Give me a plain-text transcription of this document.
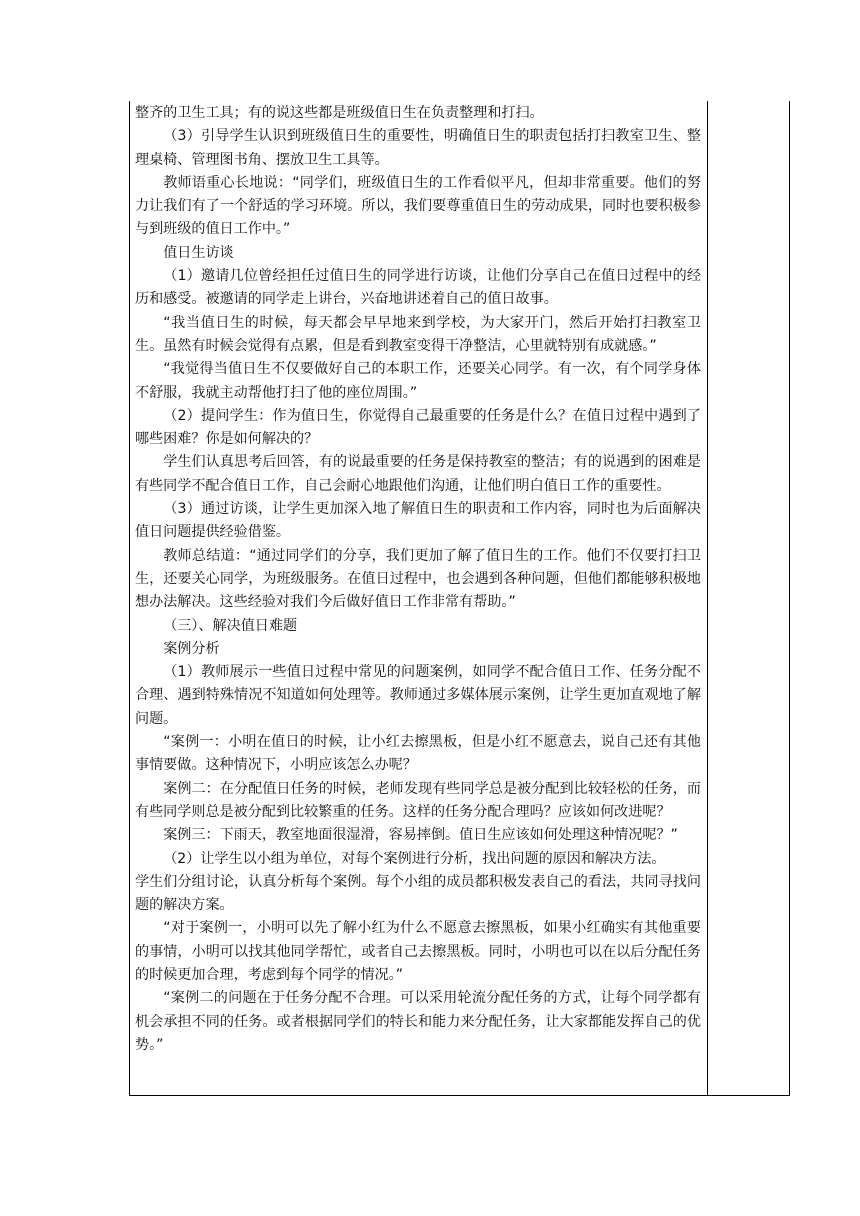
整齐的卫生工具；有的说这些都是班级值日生在负责整理和打扫。

（3）引导学生认识到班级值日生的重要性，明确值日生的职责包括打扫教室卫生、整理桌椅、管理图书角、摆放卫生工具等。

教师语重心长地说：“同学们，班级值日生的工作看似平凡，但却非常重要。他们的努力让我们有了一个舒适的学习环境。所以，我们要尊重值日生的劳动成果，同时也要积极参与到班级的值日工作中。”

值日生访谈

（1）邀请几位曾经担任过值日生的同学进行访谈，让他们分享自己在值日过程中的经历和感受。被邀请的同学走上讲台，兴奋地讲述着自己的值日故事。

“我当值日生的时候，每天都会早早地来到学校，为大家开门，然后开始打扫教室卫生。虽然有时候会觉得有点累，但是看到教室变得干净整洁，心里就特别有成就感。”

“我觉得当值日生不仅要做好自己的本职工作，还要关心同学。有一次，有个同学身体不舒服，我就主动帮他打扫了他的座位周围。”

（2）提问学生：作为值日生，你觉得自己最重要的任务是什么？在值日过程中遇到了哪些困难？你是如何解决的？

学生们认真思考后回答，有的说最重要的任务是保持教室的整洁；有的说遇到的困难是有些同学不配合值日工作，自己会耐心地跟他们沟通，让他们明白值日工作的重要性。

（3）通过访谈，让学生更加深入地了解值日生的职责和工作内容，同时也为后面解决值日问题提供经验借鉴。

教师总结道：“通过同学们的分享，我们更加了解了值日生的工作。他们不仅要打扫卫生，还要关心同学，为班级服务。在值日过程中，也会遇到各种问题，但他们都能够积极地想办法解决。这些经验对我们今后做好值日工作非常有帮助。”

（三）、解决值日难题

案例分析

（1）教师展示一些值日过程中常见的问题案例，如同学不配合值日工作、任务分配不合理、遇到特殊情况不知道如何处理等。教师通过多媒体展示案例，让学生更加直观地了解问题。

“案例一：小明在值日的时候，让小红去擦黑板，但是小红不愿意去，说自己还有其他事情要做。这种情况下，小明应该怎么办呢？

案例二：在分配值日任务的时候，老师发现有些同学总是被分配到比较轻松的任务，而有些同学则总是被分配到比较繁重的任务。这样的任务分配合理吗？应该如何改进呢？

案例三：下雨天，教室地面很湿滑，容易摔倒。值日生应该如何处理这种情况呢？”

（2）让学生以小组为单位，对每个案例进行分析，找出问题的原因和解决方法。

学生们分组讨论，认真分析每个案例。每个小组的成员都积极发表自己的看法，共同寻找问题的解决方案。

“对于案例一，小明可以先了解小红为什么不愿意去擦黑板，如果小红确实有其他重要的事情，小明可以找其他同学帮忙，或者自己去擦黑板。同时，小明也可以在以后分配任务的时候更加合理，考虑到每个同学的情况。”

“案例二的问题在于任务分配不合理。可以采用轮流分配任务的方式，让每个同学都有机会承担不同的任务。或者根据同学们的特长和能力来分配任务，让大家都能发挥自己的优势。”
